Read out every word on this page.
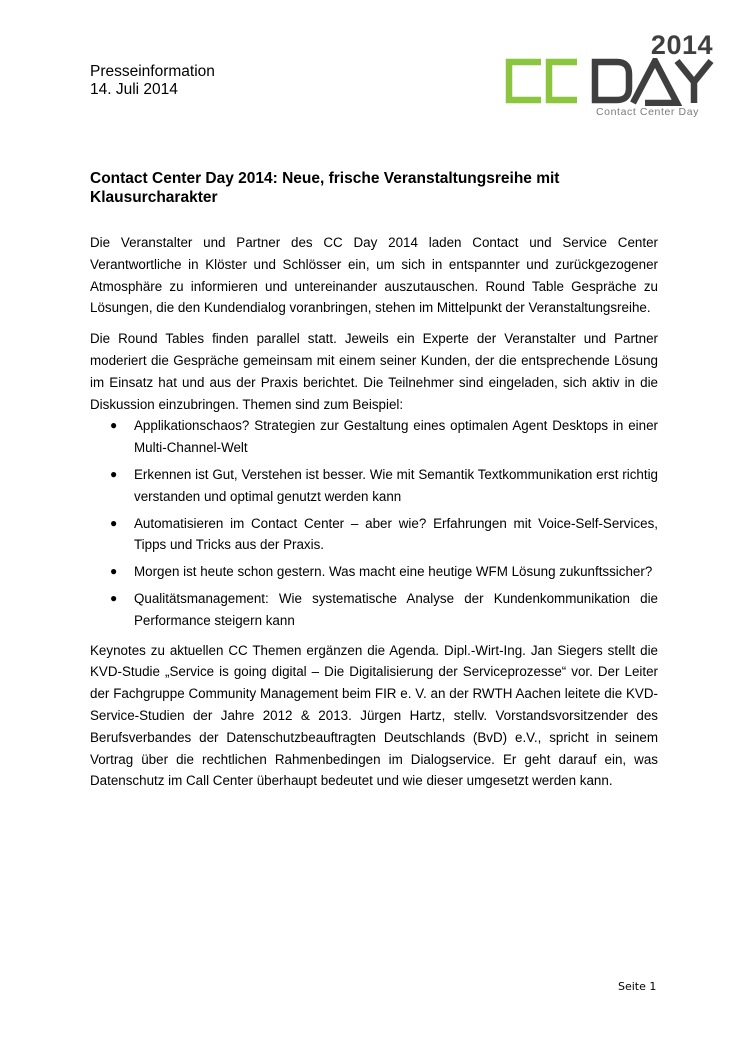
Presseinformation
14. Juli 2014
2014
Contact Center Day
Contact Center Day 2014: Neue, frische Veranstaltungsreihe mit Klausurcharakter

Die Veranstalter und Partner des CC Day 2014 laden Contact und Service Center Verantwortliche in Klöster und Schlösser ein, um sich in entspannter und zurückgezogener Atmosphäre zu informieren und untereinander auszutauschen. Round Table Gespräche zu Lösungen, die den Kundendialog voranbringen, stehen im Mittelpunkt der Veranstaltungsreihe.

Die Round Tables finden parallel statt. Jeweils ein Experte der Veranstalter und Partner moderiert die Gespräche gemeinsam mit einem seiner Kunden, der die entsprechende Lösung im Einsatz hat und aus der Praxis berichtet. Die Teilnehmer sind eingeladen, sich aktiv in die Diskussion einzubringen. Themen sind zum Beispiel:

● Applikationschaos? Strategien zur Gestaltung eines optimalen Agent Desktops in einer Multi-Channel-Welt
● Erkennen ist Gut, Verstehen ist besser. Wie mit Semantik Textkommunikation erst richtig verstanden und optimal genutzt werden kann
● Automatisieren im Contact Center – aber wie? Erfahrungen mit Voice-Self-Services, Tipps und Tricks aus der Praxis.
● Morgen ist heute schon gestern. Was macht eine heutige WFM Lösung zukunftssicher?
● Qualitätsmanagement: Wie systematische Analyse der Kundenkommunikation die Performance steigern kann

Keynotes zu aktuellen CC Themen ergänzen die Agenda. Dipl.-Wirt-Ing. Jan Siegers stellt die KVD-Studie „Service is going digital – Die Digitalisierung der Serviceprozesse“ vor. Der Leiter der Fachgruppe Community Management beim FIR e. V. an der RWTH Aachen leitete die KVD-Service-Studien der Jahre 2012 & 2013. Jürgen Hartz, stellv. Vorstandsvorsitzender des Berufsverbandes der Datenschutzbeauftragten Deutschlands (BvD) e.V., spricht in seinem Vortrag über die rechtlichen Rahmenbedingen im Dialogservice. Er geht darauf ein, was Datenschutz im Call Center überhaupt bedeutet und wie dieser umgesetzt werden kann.

Seite 1
